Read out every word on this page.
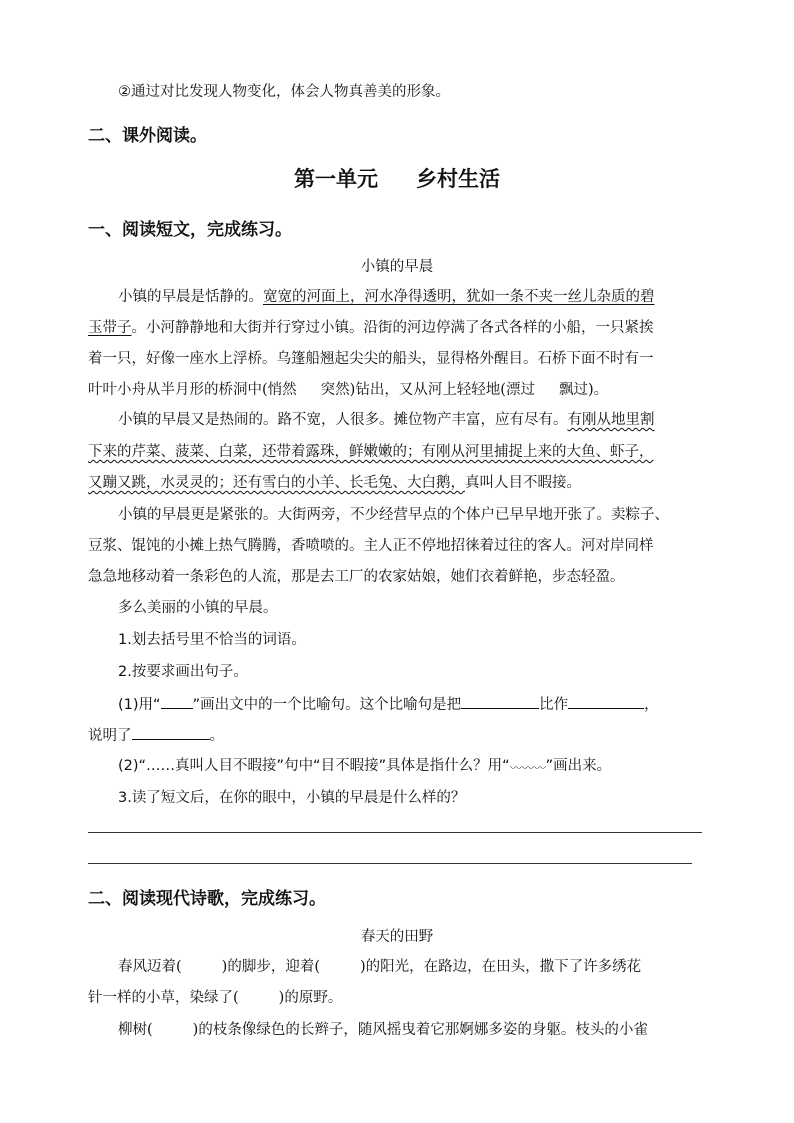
②通过对比发现人物变化，体会人物真善美的形象。
二、课外阅读。
第一单元 乡村生活
一、阅读短文，完成练习。
小镇的早晨
小镇的早晨是恬静的。宽宽的河面上，河水净得透明，犹如一条不夹一丝儿杂质的碧
玉带子。小河静静地和大街并行穿过小镇。沿街的河边停满了各式各样的小船，一只紧挨
着一只，好像一座水上浮桥。乌篷船翘起尖尖的船头，显得格外醒目。石桥下面不时有一
叶叶小舟从半月形的桥洞中(悄然 突然)钻出，又从河上轻轻地(漂过 飘过)。
小镇的早晨又是热闹的。路不宽，人很多。摊位物产丰富，应有尽有。有刚从地里割
下来的芹菜、菠菜、白菜，还带着露珠，鲜嫩嫩的；有刚从河里捕捉上来的大鱼、虾子，
又蹦又跳，水灵灵的；还有雪白的小羊、长毛兔、大白鹅，真叫人目不暇接。
小镇的早晨更是紧张的。大街两旁，不少经营早点的个体户已早早地开张了。卖粽子、
豆浆、馄饨的小摊上热气腾腾，香喷喷的。主人正不停地招徕着过往的客人。河对岸同样
急急地移动着一条彩色的人流，那是去工厂的农家姑娘，她们衣着鲜艳，步态轻盈。
多么美丽的小镇的早晨。
1.划去括号里不恰当的词语。
2.按要求画出句子。
(1)用“ ”画出文中的一个比喻句。这个比喻句是把	比作	，
说明了	。
(2)“……真叫人目不暇接”句中“目不暇接”具体是指什么？用“ ”画出来。
3.读了短文后，在你的眼中，小镇的早晨是什么样的？
二、阅读现代诗歌，完成练习。
春天的田野
春风迈着(	)的脚步，迎着(	)的阳光，在路边，在田头，撒下了许多绣花
针一样的小草，染绿了(	)的原野。
柳树(	)的枝条像绿色的长辫子，随风摇曳着它那婀娜多姿的身躯。枝头的小雀
